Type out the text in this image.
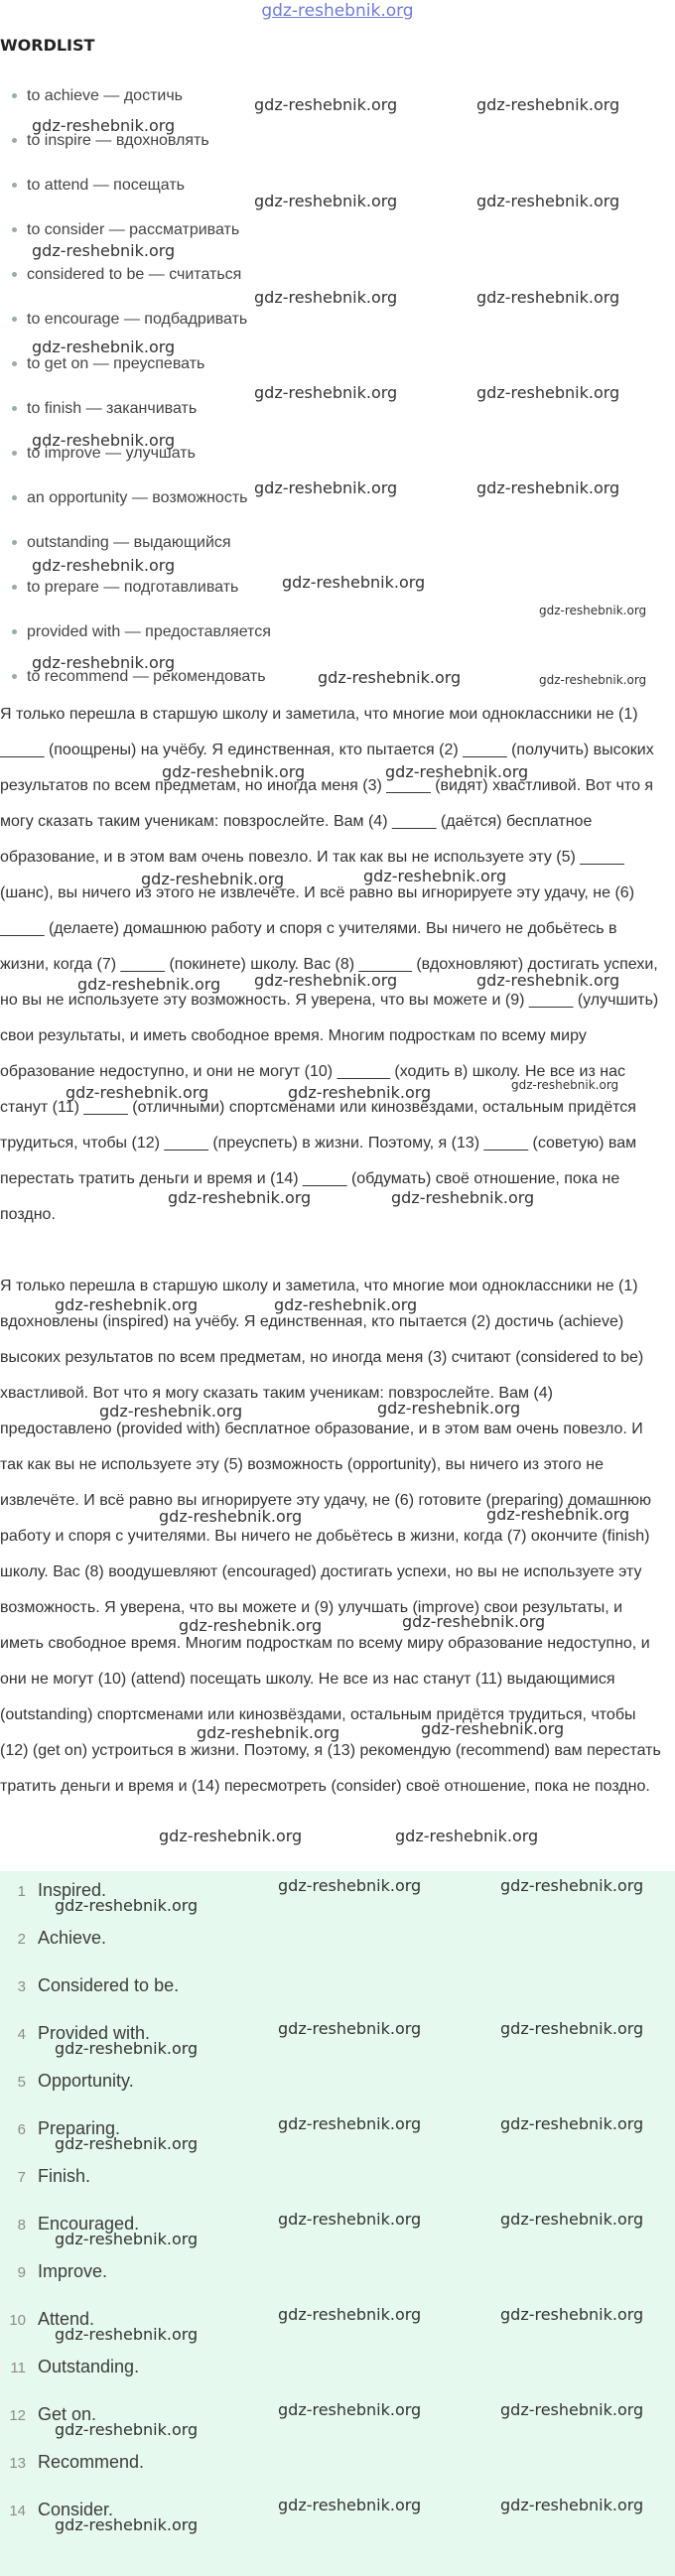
gdz-reshebnik.org
WORDLIST
to achieve — достичь
to inspire — вдохновлять
to attend — посещать
to consider — рассматривать
considered to be — считаться
to encourage — подбадривать
to get on — преуспевать
to finish — заканчивать
to improve — улучшать
an opportunity — возможность
outstanding — выдающийся
to prepare — подготавливать
provided with — предоставляется
to recommend — рекомендовать

Я только перешла в старшую школу и заметила, что многие мои одноклассники не (1) _____ (поощрены) на учёбу. Я единственная, кто пытается (2) _____ (получить) высоких результатов по всем предметам, но иногда меня (3) _____ (видят) хвастливой. Вот что я могу сказать таким ученикам: повзрослейте. Вам (4) _____ (даётся) бесплатное образование, и в этом вам очень повезло. И так как вы не используете эту (5) _____ (шанс), вы ничего из этого не извлечёте. И всё равно вы игнорируете эту удачу, не (6) _____ (делаете) домашнюю работу и споря с учителями. Вы ничего не добьётесь в жизни, когда (7) _____ (покинете) школу. Вас (8) ______ (вдохновляют) достигать успехи, но вы не используете эту возможность. Я уверена, что вы можете и (9) _____ (улучшить) свои результаты, и иметь свободное время. Многим подросткам по всему миру образование недоступно, и они не могут (10) ______ (ходить в) школу. Не все из нас станут (11) _____ (отличными) спортсменами или кинозвёздами, остальным придётся трудиться, чтобы (12) _____ (преуспеть) в жизни. Поэтому, я (13) _____ (советую) вам перестать тратить деньги и время и (14) _____ (обдумать) своё отношение, пока не поздно.

Я только перешла в старшую школу и заметила, что многие мои одноклассники не (1) вдохновлены (inspired) на учёбу. Я единственная, кто пытается (2) достичь (achieve) высоких результатов по всем предметам, но иногда меня (3) считают (considered to be) хвастливой. Вот что я могу сказать таким ученикам: повзрослейте. Вам (4) предоставлено (provided with) бесплатное образование, и в этом вам очень повезло. И так как вы не используете эту (5) возможность (opportunity), вы ничего из этого не извлечёте. И всё равно вы игнорируете эту удачу, не (6) готовите (preparing) домашнюю работу и споря с учителями. Вы ничего не добьётесь в жизни, когда (7) окончите (finish) школу. Вас (8) воодушевляют (encouraged) достигать успехи, но вы не используете эту возможность. Я уверена, что вы можете и (9) улучшать (improve) свои результаты, и иметь свободное время. Многим подросткам по всему миру образование недоступно, и они не могут (10) (attend) посещать школу. Не все из нас станут (11) выдающимися (outstanding) спортсменами или кинозвёздами, остальным придётся трудиться, чтобы (12) (get on) устроиться в жизни. Поэтому, я (13) рекомендую (recommend) вам перестать тратить деньги и время и (14) пересмотреть (consider) своё отношение, пока не поздно.

1 Inspired.
2 Achieve.
3 Considered to be.
4 Provided with.
5 Opportunity.
6 Preparing.
7 Finish.
8 Encouraged.
9 Improve.
10 Attend.
11 Outstanding.
12 Get on.
13 Recommend.
14 Consider.
gdz-reshebnik.org	gdz-reshebnik.org
gdz-reshebnik.org
gdz-reshebnik.org	gdz-reshebnik.org
gdz-reshebnik.org
gdz-reshebnik.org	gdz-reshebnik.org
gdz-reshebnik.org
gdz-reshebnik.org	gdz-reshebnik.org
gdz-reshebnik.org
gdz-reshebnik.org	gdz-reshebnik.org
gdz-reshebnik.org
gdz-reshebnik.org
gdz-reshebnik.org
gdz-reshebnik.org
gdz-reshebnik.org	gdz-reshebnik.org
gdz-reshebnik.org	gdz-reshebnik.org
gdz-reshebnik.org	gdz-reshebnik.org
gdz-reshebnik.org gdz-reshebnik.org	gdz-reshebnik.org
gdz-reshebnik.org	gdz-reshebnik.org	gdz-reshebnik.org
gdz-reshebnik.org	gdz-reshebnik.org
gdz-reshebnik.org	gdz-reshebnik.org
gdz-reshebnik.org	gdz-reshebnik.org
gdz-reshebnik.org	gdz-reshebnik.org
gdz-reshebnik.org	gdz-reshebnik.org
gdz-reshebnik.org	gdz-reshebnik.org
gdz-reshebnik.org	gdz-reshebnik.org
gdz-reshebnik.org
gdz-reshebnik.org	gdz-reshebnik.org
gdz-reshebnik.org
gdz-reshebnik.org	gdz-reshebnik.org
gdz-reshebnik.org
gdz-reshebnik.org	gdz-reshebnik.org
gdz-reshebnik.org
gdz-reshebnik.org	gdz-reshebnik.org
gdz-reshebnik.org
gdz-reshebnik.org	gdz-reshebnik.org
gdz-reshebnik.org
gdz-reshebnik.org	gdz-reshebnik.org
gdz-reshebnik.org
gdz-reshebnik.org	gdz-reshebnik.org
